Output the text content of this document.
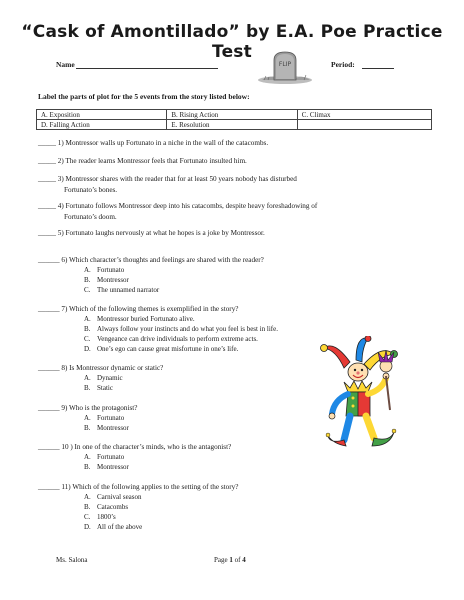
“Cask of Amontillado” by E.A. Poe Practice Test
Name	FLIP	Period:
Label the parts of plot for the 5 events from the story listed below:
A. Exposition	B. Rising Action	C. Climax
D. Falling Action	E. Resolution	
_____ 1) Montressor walls up Fortunato in a niche in the wall of the catacombs.
_____ 2) The reader learns Montressor feels that Fortunato insulted him.
_____ 3) Montressor shares with the reader that for at least 50 years nobody has disturbed
Fortunato’s bones.
_____ 4) Fortunato follows Montressor deep into his catacombs, despite heavy foreshadowing of
Fortunato’s doom.
_____ 5) Fortunato laughs nervously at what he hopes is a joke by Montressor.
______ 6) Which character’s thoughts and feelings are shared with the reader?
A. Fortunato
B. Montressor
C. The unnamed narrator
______ 7) Which of the following themes is exemplified in the story?
A. Montressor buried Fortunato alive.
B. Always follow your instincts and do what you feel is best in life.
C. Vengeance can drive individuals to perform extreme acts.
D. One’s ego can cause great misfortune in one’s life.
______ 8) Is Montressor dynamic or static?
A. Dynamic
B. Static
______ 9) Who is the protagonist?
A. Fortunato
B. Montressor
______ 10 ) In one of the character’s minds, who is the antagonist?
A. Fortunato
B. Montressor
______ 11) Which of the following applies to the setting of the story?
A. Carnival season
B. Catacombs
C. 1800’s
D. All of the above
Ms. Salona	Page 1 of 4
